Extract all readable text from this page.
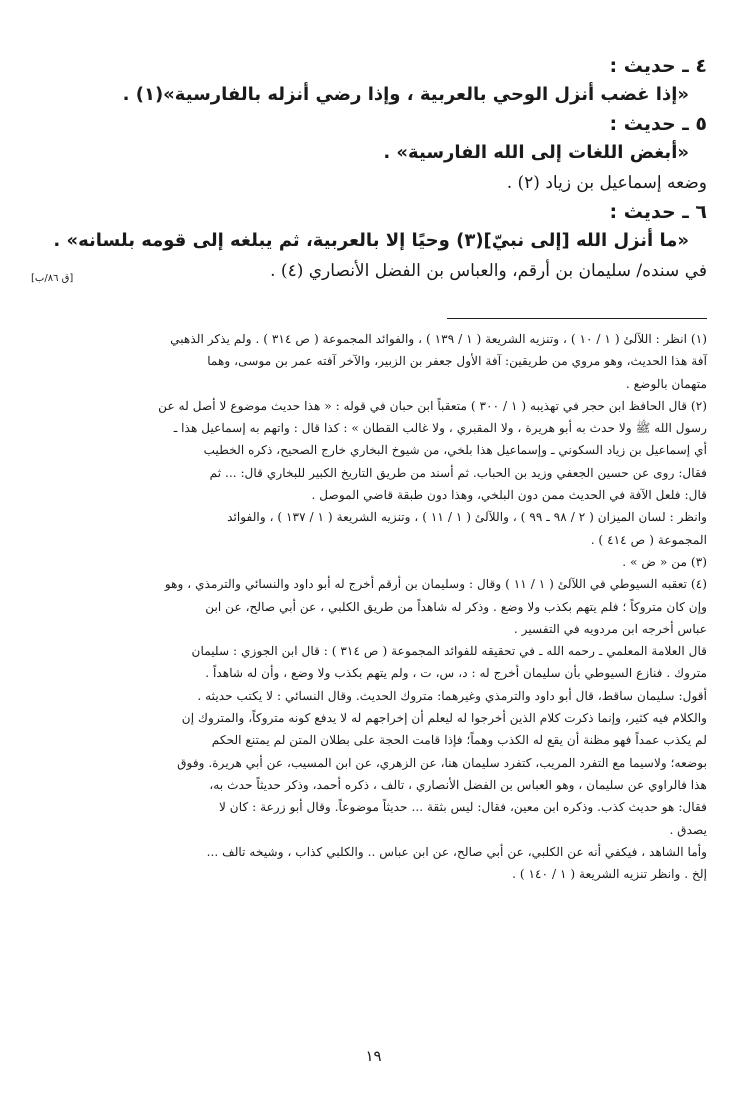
٤ ـ حديث :
«إذا غضب أنزل الوحي بالعربية ، وإذا رضي أنزله بالفارسية»(١) .
٥ ـ حديث :
«أبغض اللغات إلى الله الفارسية» .
وضعه إسماعيل بن زياد (٢) .
٦ ـ حديث :
«ما أنزل الله [إلى نبيّ](٣) وحيًا إلا بالعربية، ثم يبلغه إلى قومه بلسانه» .
في سنده/ سليمان بن أرقم، والعباس بن الفضل الأنصاري (٤) .
[ق ٨٦/ب]

(١) انظر : اللآلئ ( ١ / ١٠ ) ، وتنزيه الشريعة ( ١ / ١٣٩ ) ، والفوائد المجموعة ( ص ٣١٤ ) . ولم يذكر الذهبي

آفة هذا الحديث، وهو مروي من طريقين: آفة الأول جعفر بن الزبير، والآخر آفته عمر بن موسى، وهما

متهمان بالوضع .

(٢) قال الحافظ ابن حجر في تهذيبه ( ١ / ٣٠٠ ) متعقباً ابن حبان في قوله : « هذا حديث موضوع لا أصل له عن

رسول الله ﷺ ولا حدث به أبو هريرة ، ولا المقبري ، ولا غالب القطان » : كذا قال : واتهم به إسماعيل هذا ـ

أي إسماعيل بن زياد السكوني ـ وإسماعيل هذا بلخي، من شيوخ البخاري خارج الصحيح، ذكره الخطيب

فقال: روى عن حسين الجعفي وزيد بن الحباب. ثم أسند من طريق التاريخ الكبير للبخاري قال: ... ثم

قال: فلعل الآفة في الحديث ممن دون البلخي، وهذا دون طبقة قاضي الموصل .

وانظر : لسان الميزان ( ٢ / ٩٨ ـ ٩٩ ) ، واللآلئ ( ١ / ١١ ) ، وتنزيه الشريعة ( ١ / ١٣٧ ) ، والفوائد

المجموعة ( ص ٤١٤ ) .

(٣) من « ض » .

(٤) تعقبه السيوطي في اللآلئ ( ١ / ١١ ) وقال : وسليمان بن أرقم أخرج له أبو داود والنسائي والترمذي ، وهو

وإن كان متروكاً ؛ فلم يتهم بكذب ولا وضع . وذكر له شاهداً من طريق الكلبي ، عن أبي صالح، عن ابن

عباس أخرجه ابن مردويه في التفسير .

قال العلامة المعلمي ـ رحمه الله ـ في تحقيقه للفوائد المجموعة ( ص ٣١٤ ) : قال ابن الجوزي : سليمان

متروك . فنازع السيوطي بأن سليمان أخرج له : د، س، ت ، ولم يتهم بكذب ولا وضع ، وأن له شاهداً .

أقول: سليمان ساقط، قال أبو داود والترمذي وغيرهما: متروك الحديث. وقال النسائي : لا يكتب حديثه .

والكلام فيه كثير، وإنما ذكرت كلام الذين أخرجوا له ليعلم أن إخراجهم له لا يدفع كونه متروكاً، والمتروك إن

لم يكذب عمداً فهو مظنة أن يقع له الكذب وهماً؛ فإذا قامت الحجة على بطلان المتن لم يمتنع الحكم

بوضعه؛ ولاسيما مع التفرد المريب، كتفرد سليمان هنا، عن الزهري، عن ابن المسيب، عن أبي هريرة. وفوق

هذا فالراوي عن سليمان ، وهو العباس بن الفضل الأنصاري ، تالف ، ذكره أحمد، وذكر حديثاً حدث به،

فقال: هو حديث كذب. وذكره ابن معين، فقال: ليس بثقة ... حديثاً موضوعاً. وقال أبو زرعة : كان لا

يصدق .

وأما الشاهد ، فيكفي أنه عن الكلبي، عن أبي صالح، عن ابن عباس .. والكلبي كذاب ، وشيخه تالف ...

إلخ . وانظر تنزيه الشريعة ( ١ / ١٤٠ ) .

١٩
